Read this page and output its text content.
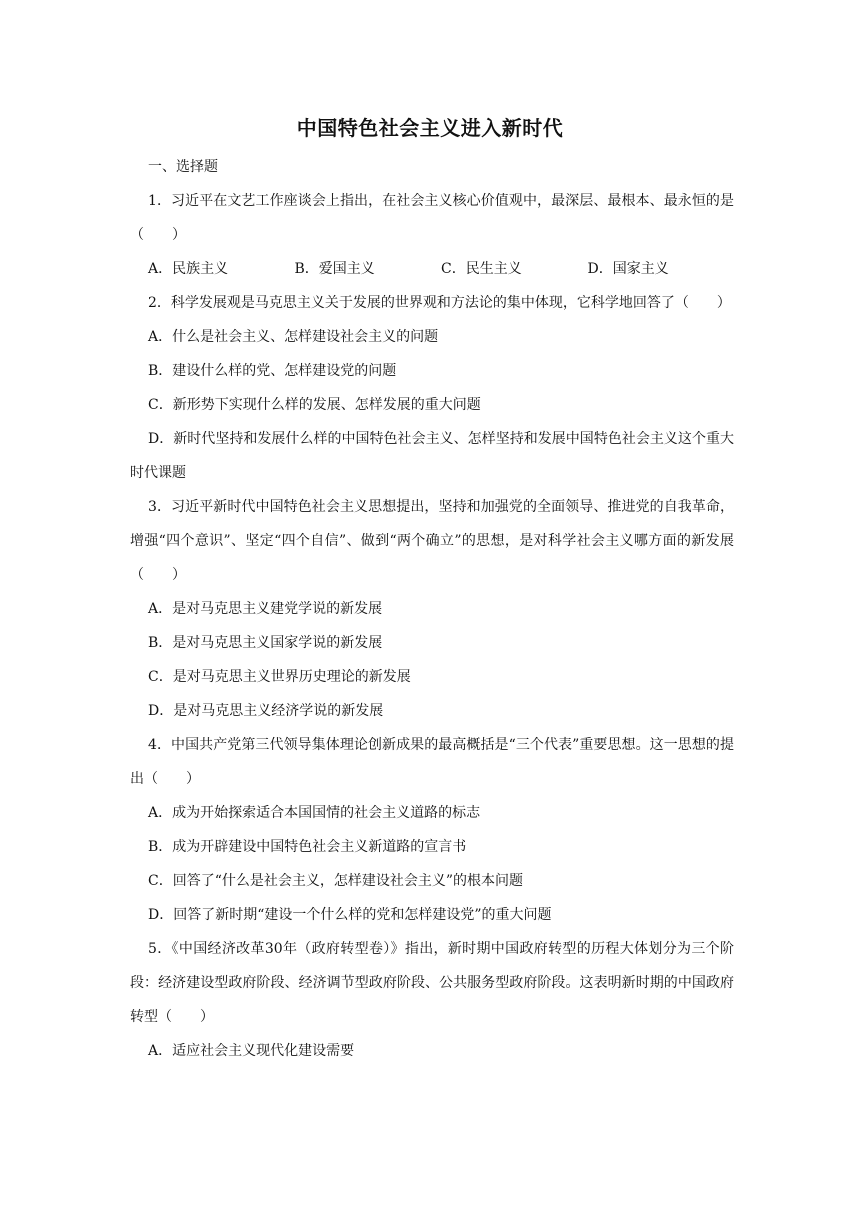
中国特色社会主义进入新时代
一、选择题
1．习近平在文艺工作座谈会上指出，在社会主义核心价值观中，最深层、最根本、最永恒的是（　　）
A．民族主义	B．爱国主义	C．民生主义	D．国家主义
2．科学发展观是马克思主义关于发展的世界观和方法论的集中体现，它科学地回答了（　　）
A．什么是社会主义、怎样建设社会主义的问题
B．建设什么样的党、怎样建设党的问题
C．新形势下实现什么样的发展、怎样发展的重大问题
D．新时代坚持和发展什么样的中国特色社会主义、怎样坚持和发展中国特色社会主义这个重大时代课题
3．习近平新时代中国特色社会主义思想提出，坚持和加强党的全面领导、推进党的自我革命，增强“四个意识”、坚定“四个自信”、做到“两个确立”的思想，是对科学社会主义哪方面的新发展（　　）
A．是对马克思主义建党学说的新发展
B．是对马克思主义国家学说的新发展
C．是对马克思主义世界历史理论的新发展
D．是对马克思主义经济学说的新发展
4．中国共产党第三代领导集体理论创新成果的最高概括是“三个代表”重要思想。这一思想的提出（　　）
A．成为开始探索适合本国国情的社会主义道路的标志
B．成为开辟建设中国特色社会主义新道路的宣言书
C．回答了“什么是社会主义，怎样建设社会主义”的根本问题
D．回答了新时期“建设一个什么样的党和怎样建设党”的重大问题
5．《中国经济改革30年（政府转型卷）》指出，新时期中国政府转型的历程大体划分为三个阶段：经济建设型政府阶段、经济调节型政府阶段、公共服务型政府阶段。这表明新时期的中国政府转型（　　）
A．适应社会主义现代化建设需要
